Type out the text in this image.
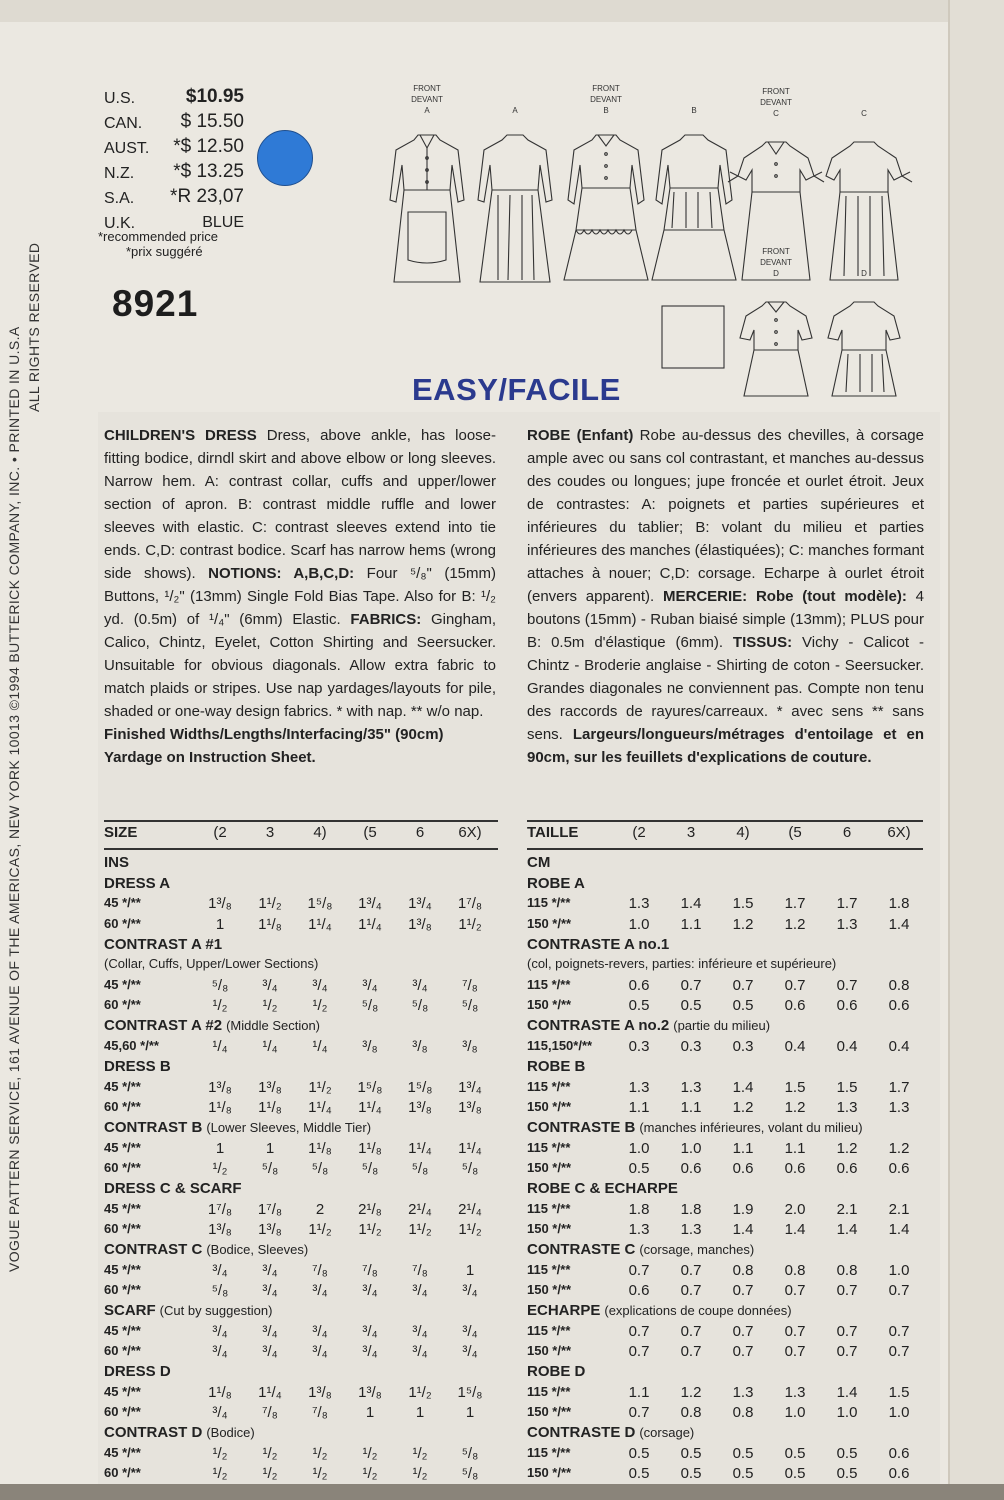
VOGUE PATTERN SERVICE, 161 AVENUE OF THE AMERICAS, NEW YORK 10013 ©1994 BUTTERICK COMPANY, INC. • PRINTED IN U.S.A ALL RIGHTS RESERVED
U.S.	$10.95
CAN. $ 15.50
AUST. *$ 12.50
N.Z. *$ 13.25
S.A. *R 23,07
U.K.	BLUE
*recommended price
*prix suggéré
8921
FRONT
DEVANT
A	A
FRONT
DEVANT
B	B
FRONT
DEVANT
C	C
FRONT
DEVANT
D	D
EASY/FACILE
CHILDREN'S DRESS Dress, above ankle, has loose-fitting bodice, dirndl skirt and above elbow or long sleeves. Narrow hem. A: contrast collar, cuffs and upper/lower section of apron. B: contrast middle ruffle and lower sleeves with elastic. C: contrast sleeves extend into tie ends. C,D: contrast bodice. Scarf has narrow hems (wrong side shows). NOTIONS: A,B,C,D: Four ⁵/₈" (15mm) Buttons, ¹/₂" (13mm) Single Fold Bias Tape. Also for B: ¹/₂ yd. (0.5m) of ¹/₄" (6mm) Elastic. FABRICS: Gingham, Calico, Chintz, Eyelet, Cotton Shirting and Seersucker. Unsuitable for obvious diagonals. Allow extra fabric to match plaids or stripes. Use nap yardages/layouts for pile, shaded or one-way design fabrics. * with nap. ** w/o nap.
Finished Widths/Lengths/Interfacing/35" (90cm) Yardage on Instruction Sheet.
ROBE (Enfant) Robe au-dessus des chevilles, à corsage ample avec ou sans col contrastant, et manches au-dessus des coudes ou longues; jupe froncée et ourlet étroit. Jeux de contrastes: A: poignets et parties supérieures et inférieures du tablier; B: volant du milieu et parties inférieures des manches (élastiquées); C: manches formant attaches à nouer; C,D: corsage. Echarpe à ourlet étroit (envers apparent). MERCERIE: Robe (tout modèle): 4 boutons (15mm) - Ruban biaisé simple (13mm); PLUS pour B: 0.5m d'élastique (6mm). TISSUS: Vichy - Calicot - Chintz - Broderie anglaise - Shirting de coton - Seersucker. Grandes diagonales ne conviennent pas. Compte non tenu des raccords de rayures/carreaux. * avec sens ** sans sens. Largeurs/longueurs/métrages d'entoilage et en 90cm, sur les feuillets d'explications de couture.
SIZE	(2	3	4)	(5	6	6X)
INS
DRESS A
45 */**	1³/₈	1¹/₂	1⁵/₈	1³/₄	1³/₄	1⁷/₈
60 */**	1	1¹/₈	1¹/₄	1¹/₄	1³/₈	1¹/₂
CONTRAST A #1
(Collar, Cuffs, Upper/Lower Sections)
45 */**	⁵/₈	³/₄	³/₄	³/₄	³/₄	⁷/₈
60 */**	¹/₂	¹/₂	¹/₂	⁵/₈	⁵/₈	⁵/₈
CONTRAST A #2 (Middle Section)
45,60 */**	¹/₄	¹/₄	¹/₄	³/₈	³/₈	³/₈
DRESS B
45 */**	1³/₈	1³/₈	1¹/₂	1⁵/₈	1⁵/₈	1³/₄
60 */**	1¹/₈	1¹/₈	1¹/₄	1¹/₄	1³/₈	1³/₈
CONTRAST B (Lower Sleeves, Middle Tier)
45 */**	1	1	1¹/₈	1¹/₈	1¹/₄	1¹/₄
60 */**	¹/₂	⁵/₈	⁵/₈	⁵/₈	⁵/₈	⁵/₈
DRESS C & SCARF
45 */**	1⁷/₈	1⁷/₈	2	2¹/₈	2¹/₄	2¹/₄
60 */**	1³/₈	1³/₈	1¹/₂	1¹/₂	1¹/₂	1¹/₂
CONTRAST C (Bodice, Sleeves)
45 */**	³/₄	³/₄	⁷/₈	⁷/₈	⁷/₈	1
60 */**	⁵/₈	³/₄	³/₄	³/₄	³/₄	³/₄
SCARF (Cut by suggestion)
45 */**	³/₄	³/₄	³/₄	³/₄	³/₄	³/₄
60 */**	³/₄	³/₄	³/₄	³/₄	³/₄	³/₄
DRESS D
45 */**	1¹/₈	1¹/₄	1³/₈	1³/₈	1¹/₂	1⁵/₈
60 */**	³/₄	⁷/₈	⁷/₈	1	1	1
CONTRAST D (Bodice)
45 */**	¹/₂	¹/₂	¹/₂	¹/₂	¹/₂	⁵/₈
60 */**	¹/₂	¹/₂	¹/₂	¹/₂	¹/₂	⁵/₈
TAILLE	(2	3	4)	(5	6	6X)
CM
ROBE A
115 */**	1.3	1.4	1.5	1.7	1.7	1.8
150 */**	1.0	1.1	1.2	1.2	1.3	1.4
CONTRASTE A no.1
(col, poignets-revers, parties: inférieure et supérieure)
115 */**	0.6	0.7	0.7	0.7	0.7	0.8
150 */**	0.5	0.5	0.5	0.6	0.6	0.6
CONTRASTE A no.2 (partie du milieu)
115,150*/**	0.3	0.3	0.3	0.4	0.4	0.4
ROBE B
115 */**	1.3	1.3	1.4	1.5	1.5	1.7
150 */**	1.1	1.1	1.2	1.2	1.3	1.3
CONTRASTE B (manches inférieures, volant du milieu)
115 */**	1.0	1.0	1.1	1.1	1.2	1.2
150 */**	0.5	0.6	0.6	0.6	0.6	0.6
ROBE C & ECHARPE
115 */**	1.8	1.8	1.9	2.0	2.1	2.1
150 */**	1.3	1.3	1.4	1.4	1.4	1.4
CONTRASTE C (corsage, manches)
115 */**	0.7	0.7	0.8	0.8	0.8	1.0
150 */**	0.6	0.7	0.7	0.7	0.7	0.7
ECHARPE (explications de coupe données)
115 */**	0.7	0.7	0.7	0.7	0.7	0.7
150 */**	0.7	0.7	0.7	0.7	0.7	0.7
ROBE D
115 */**	1.1	1.2	1.3	1.3	1.4	1.5
150 */**	0.7	0.8	0.8	1.0	1.0	1.0
CONTRASTE D (corsage)
115 */**	0.5	0.5	0.5	0.5	0.5	0.6
150 */**	0.5	0.5	0.5	0.5	0.5	0.6
